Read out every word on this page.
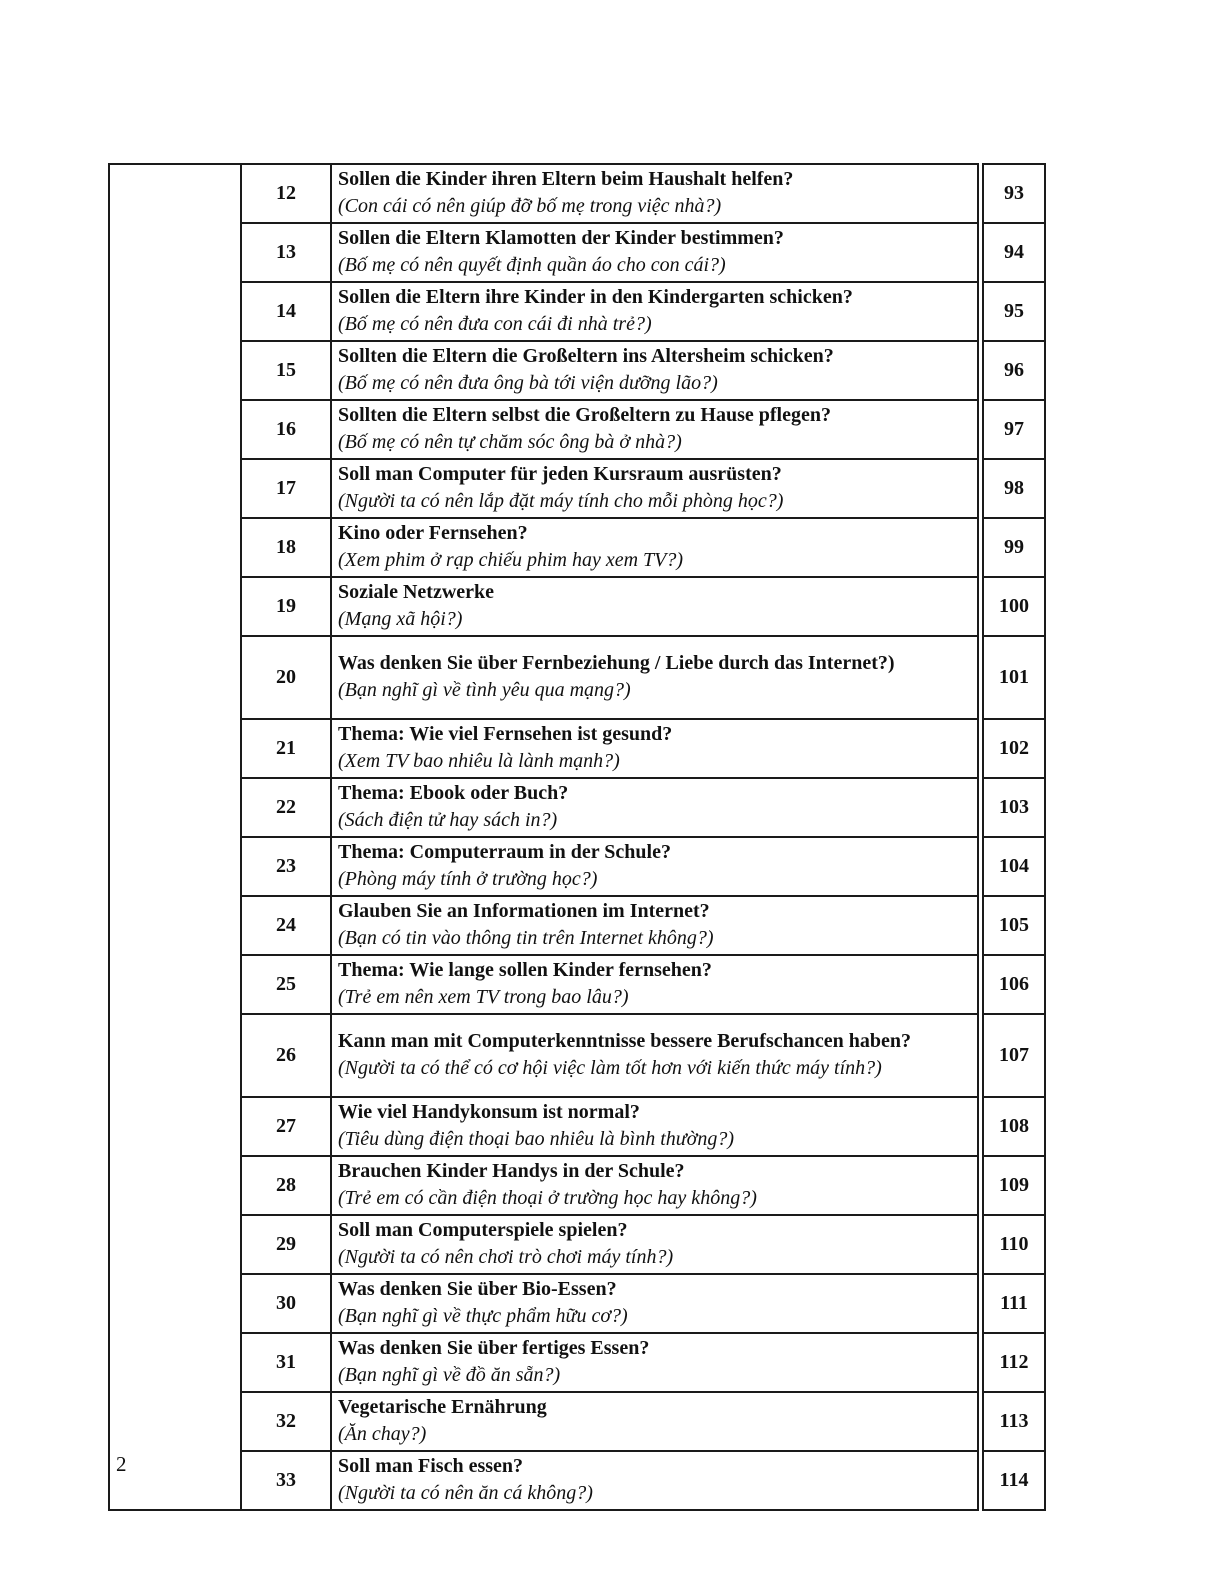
	12	Sollen die Kinder ihren Eltern beim Haushalt helfen?
(Con cái có nên giúp đỡ bố mẹ trong việc nhà?)	93
	13	Sollen die Eltern Klamotten der Kinder bestimmen?
(Bố mẹ có nên quyết định quần áo cho con cái?)	94
	14	Sollen die Eltern ihre Kinder in den Kindergarten schicken?
(Bố mẹ có nên đưa con cái đi nhà trẻ?)	95
	15	Sollten die Eltern die Großeltern ins Altersheim schicken?
(Bố mẹ có nên đưa ông bà tới viện dưỡng lão?)	96
	16	Sollten die Eltern selbst die Großeltern zu Hause pflegen?
(Bố mẹ có nên tự chăm sóc ông bà ở nhà?)	97
	17	Soll man Computer für jeden Kursraum ausrüsten?
(Người ta có nên lắp đặt máy tính cho mỗi phòng học?)	98
	18	Kino oder Fernsehen?
(Xem phim ở rạp chiếu phim hay xem TV?)	99
	19	Soziale Netzwerke
(Mạng xã hội?)	100
	20	Was denken Sie über Fernbeziehung / Liebe durch das Internet?)
(Bạn nghĩ gì về tình yêu qua mạng?)	101
	21	Thema: Wie viel Fernsehen ist gesund?
(Xem TV bao nhiêu là lành mạnh?)	102
	22	Thema: Ebook oder Buch?
(Sách điện tử hay sách in?)	103
	23	Thema: Computerraum in der Schule?
(Phòng máy tính ở trường học?)	104
	24	Glauben Sie an Informationen im Internet?
(Bạn có tin vào thông tin trên Internet không?)	105
	25	Thema: Wie lange sollen Kinder fernsehen?
(Trẻ em nên xem TV trong bao lâu?)	106
	26	Kann man mit Computerkenntnisse bessere Berufschancen haben?
(Người ta có thể có cơ hội việc làm tốt hơn với kiến thức máy tính?)	107
	27	Wie viel Handykonsum ist normal?
(Tiêu dùng điện thoại bao nhiêu là bình thường?)	108
	28	Brauchen Kinder Handys in der Schule?
(Trẻ em có cần điện thoại ở trường học hay không?)	109
	29	Soll man Computerspiele spielen?
(Người ta có nên chơi trò chơi máy tính?)	110
	30	Was denken Sie über Bio-Essen?
(Bạn nghĩ gì về thực phẩm hữu cơ?)	111
	31	Was denken Sie über fertiges Essen?
(Bạn nghĩ gì về đồ ăn sẵn?)	112
	32	Vegetarische Ernährung
(Ăn chay?)	113
	33	Soll man Fisch essen?
(Người ta có nên ăn cá không?)	114
2
